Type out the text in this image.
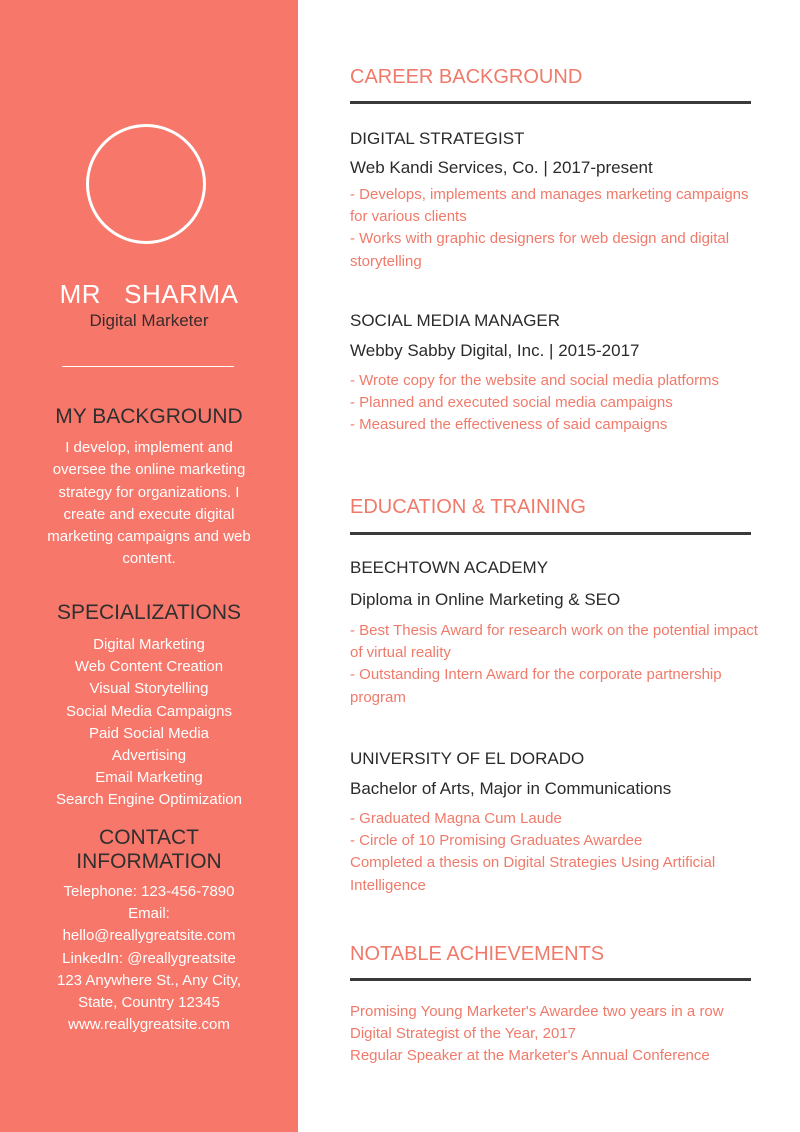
MR   SHARMA
Digital Marketer
MY BACKGROUND
I develop, implement and oversee the online marketing strategy for organizations. I create and execute digital marketing campaigns and web content.
SPECIALIZATIONS
Digital Marketing
Web Content Creation
Visual Storytelling
Social Media Campaigns
Paid Social Media Advertising
Email Marketing
Search Engine Optimization
CONTACT INFORMATION
Telephone: 123-456-7890
Email:
hello@reallygreatsite.com
LinkedIn: @reallygreatsite
123 Anywhere St., Any City, State, Country 12345
www.reallygreatsite.com
CAREER BACKGROUND
DIGITAL STRATEGIST
Web Kandi Services, Co. | 2017-present

- Develops, implements and manages marketing campaigns for various clients

- Works with graphic designers for web design and digital storytelling

SOCIAL MEDIA MANAGER
Webby Sabby Digital, Inc. | 2015-2017

- Wrote copy for the website and social media platforms

- Planned and executed social media campaigns

- Measured the effectiveness of said campaigns

EDUCATION & TRAINING
BEECHTOWN ACADEMY
Diploma in Online Marketing & SEO

- Best Thesis Award for research work on the potential impact of virtual reality

- Outstanding Intern Award for the corporate partnership program

UNIVERSITY OF EL DORADO
Bachelor of Arts, Major in Communications

- Graduated Magna Cum Laude

- Circle of 10 Promising Graduates Awardee

Completed a thesis on Digital Strategies Using Artificial Intelligence

NOTABLE ACHIEVEMENTS

Promising Young Marketer's Awardee two years in a row

Digital Strategist of the Year, 2017

Regular Speaker at the Marketer's Annual Conference
